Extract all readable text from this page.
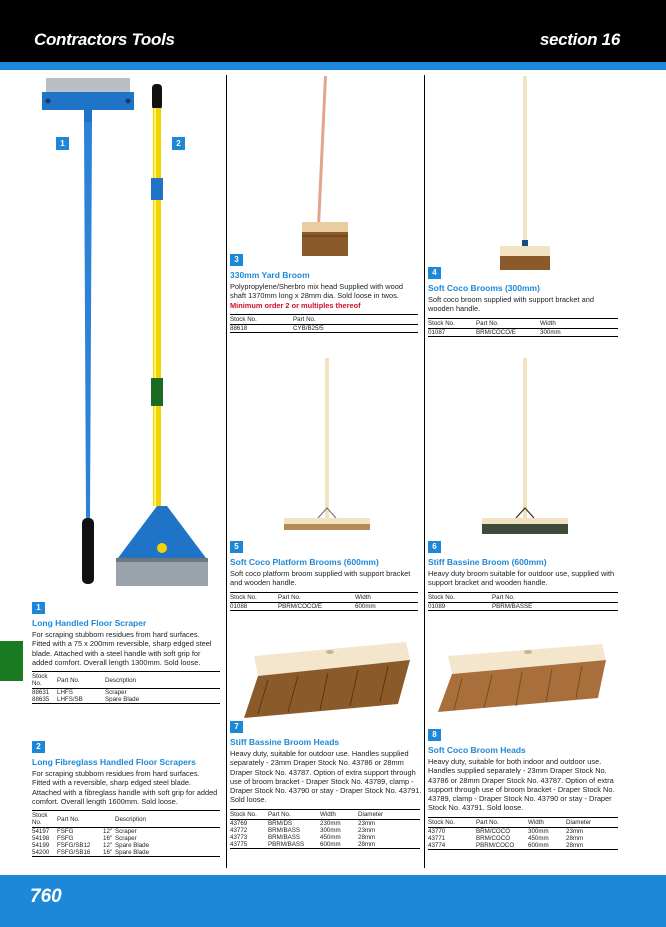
Contractors Tools	section 16
1	2
1
Long Handled Floor Scraper
For scraping stubborn residues from hard surfaces. Fitted with a 75 x 200mm reversible, sharp edged steel blade. Attached with a steel handle with soft grip for added comfort. Overall length 1300mm. Sold loose.
Stock No.	Part No.	Description
88631	LHFS	Scraper
88635	LHFS/SB	Spare Blade
2
Long Fibreglass Handled Floor Scrapers
For scraping stubborn residues from hard surfaces. Fitted with a reversible, sharp edged steel blade. Attached with a fibreglass handle with soft grip for added comfort. Overall length 1600mm. Sold loose.
Stock No.	Part No.		Description
54197	FSFG	12"	Scraper
54198	FSFG	16"	Scraper
54199	FSFG/SB12	12"	Spare Blade
54200	FSFG/SB16	16"	Spare Blade
3
330mm Yard Broom
Polypropylene/Sherbro mix head Supplied with wood shaft 1370mm long x 28mm dia. Sold loose in twos.
Minimum order 2 or multiples thereof
Stock No.	Part No.
88618	CYB/B25/5
4
Soft Coco Brooms (300mm)
Soft coco broom supplied with support bracket and wooden handle.
Stock No.	Part No.	Width
01087	BRM/COCO/E	300mm
5
Soft Coco Platform Brooms (600mm)
Soft coco platform broom supplied with support bracket and wooden handle.
Stock No.	Part No.	Width
01088	PBRM/COCO/E	600mm
6
Stiff Bassine Broom (600mm)
Heavy duty broom suitable for outdoor use, supplied with support bracket and wooden handle.
Stock No.	Part No.
01089	PBRM/BASSE
7
Stiff Bassine Broom Heads
Heavy duty, suitable for outdoor use. Handles supplied separately - 23mm Draper Stock No. 43786 or 28mm Draper Stock No. 43787. Option of extra support through use of broom bracket - Draper Stock No. 43789, clamp - Draper Stock No. 43790 or stay - Draper Stock No. 43791. Sold loose.
Stock No.	Part No.	Width	Diameter
43769	BRM/DS	230mm	23mm
43772	BRM/BASS	300mm	23mm
43773	BRM/BASS	450mm	28mm
43775	PBRM/BASS	600mm	28mm
8
Soft Coco Broom Heads
Heavy duty, suitable for both indoor and outdoor use. Handles supplied separately - 23mm Draper Stock No. 43786 or 28mm Draper Stock No. 43787. Option of extra support through use of broom bracket - Draper Stock No. 43789, clamp - Draper Stock No. 43790 or stay - Draper Stock No. 43791. Sold loose.
Stock No.	Part No.	Width	Diameter
43770	BRM/COCO	300mm	23mm
43771	BRM/COCO	450mm	28mm
43774	PBRM/COCO	600mm	28mm
760
